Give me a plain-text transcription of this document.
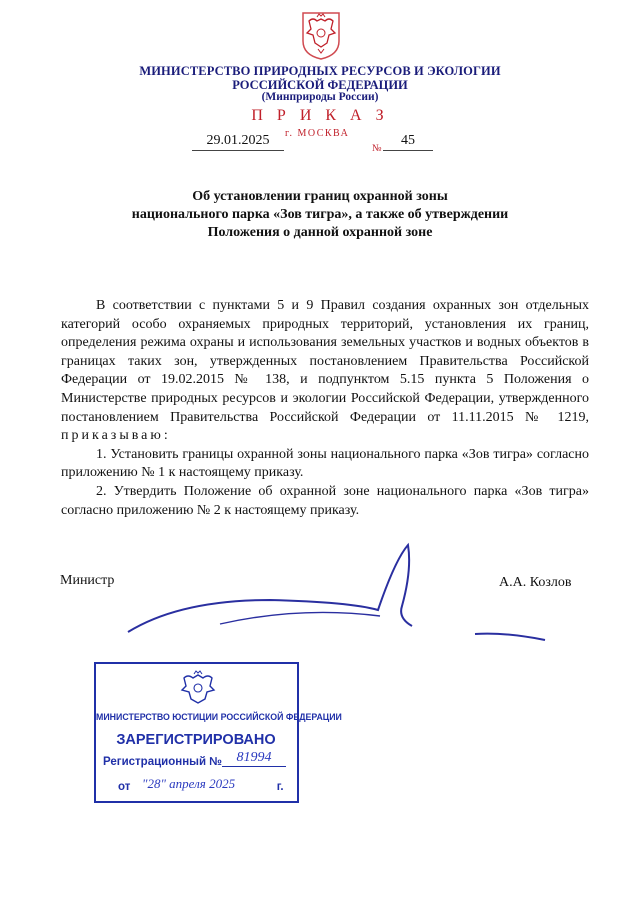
МИНИСТЕРСТВО ПРИРОДНЫХ РЕСУРСОВ И ЭКОЛОГИИ
РОССИЙСКОЙ ФЕДЕРАЦИИ
(Минприроды России)
П Р И К А З
29.01.2025	г. МОСКВА
№
45
Об установлении границ охранной зоны
национального парка «Зов тигра», а также об утверждении
Положения о данной охранной зоне

В соответствии с пунктами 5 и 9 Правил создания охранных зон отдельных категорий особо охраняемых природных территорий, установления их границ, определения режима охраны и использования земельных участков и водных объектов в границах таких зон, утвержденных постановлением Правительства Российской Федерации от 19.02.2015 № 138, и подпунктом 5.15 пункта 5 Положения о Министерстве природных ресурсов и экологии Российской Федерации, утвержденного постановлением Правительства Российской Федерации от 11.11.2015 № 1219, приказываю:

1. Установить границы охранной зоны национального парка «Зов тигра» согласно приложению № 1 к настоящему приказу.

2. Утвердить Положение об охранной зоне национального парка «Зов тигра» согласно приложению № 2 к настоящему приказу.

Министр	А.А. Козлов
МИНИСТЕРСТВО ЮСТИЦИИ РОССИЙСКОЙ ФЕДЕРАЦИИ
ЗАРЕГИСТРИРОВАНО
Регистрационный №	81994
от	г.
"28" апреля 2025
